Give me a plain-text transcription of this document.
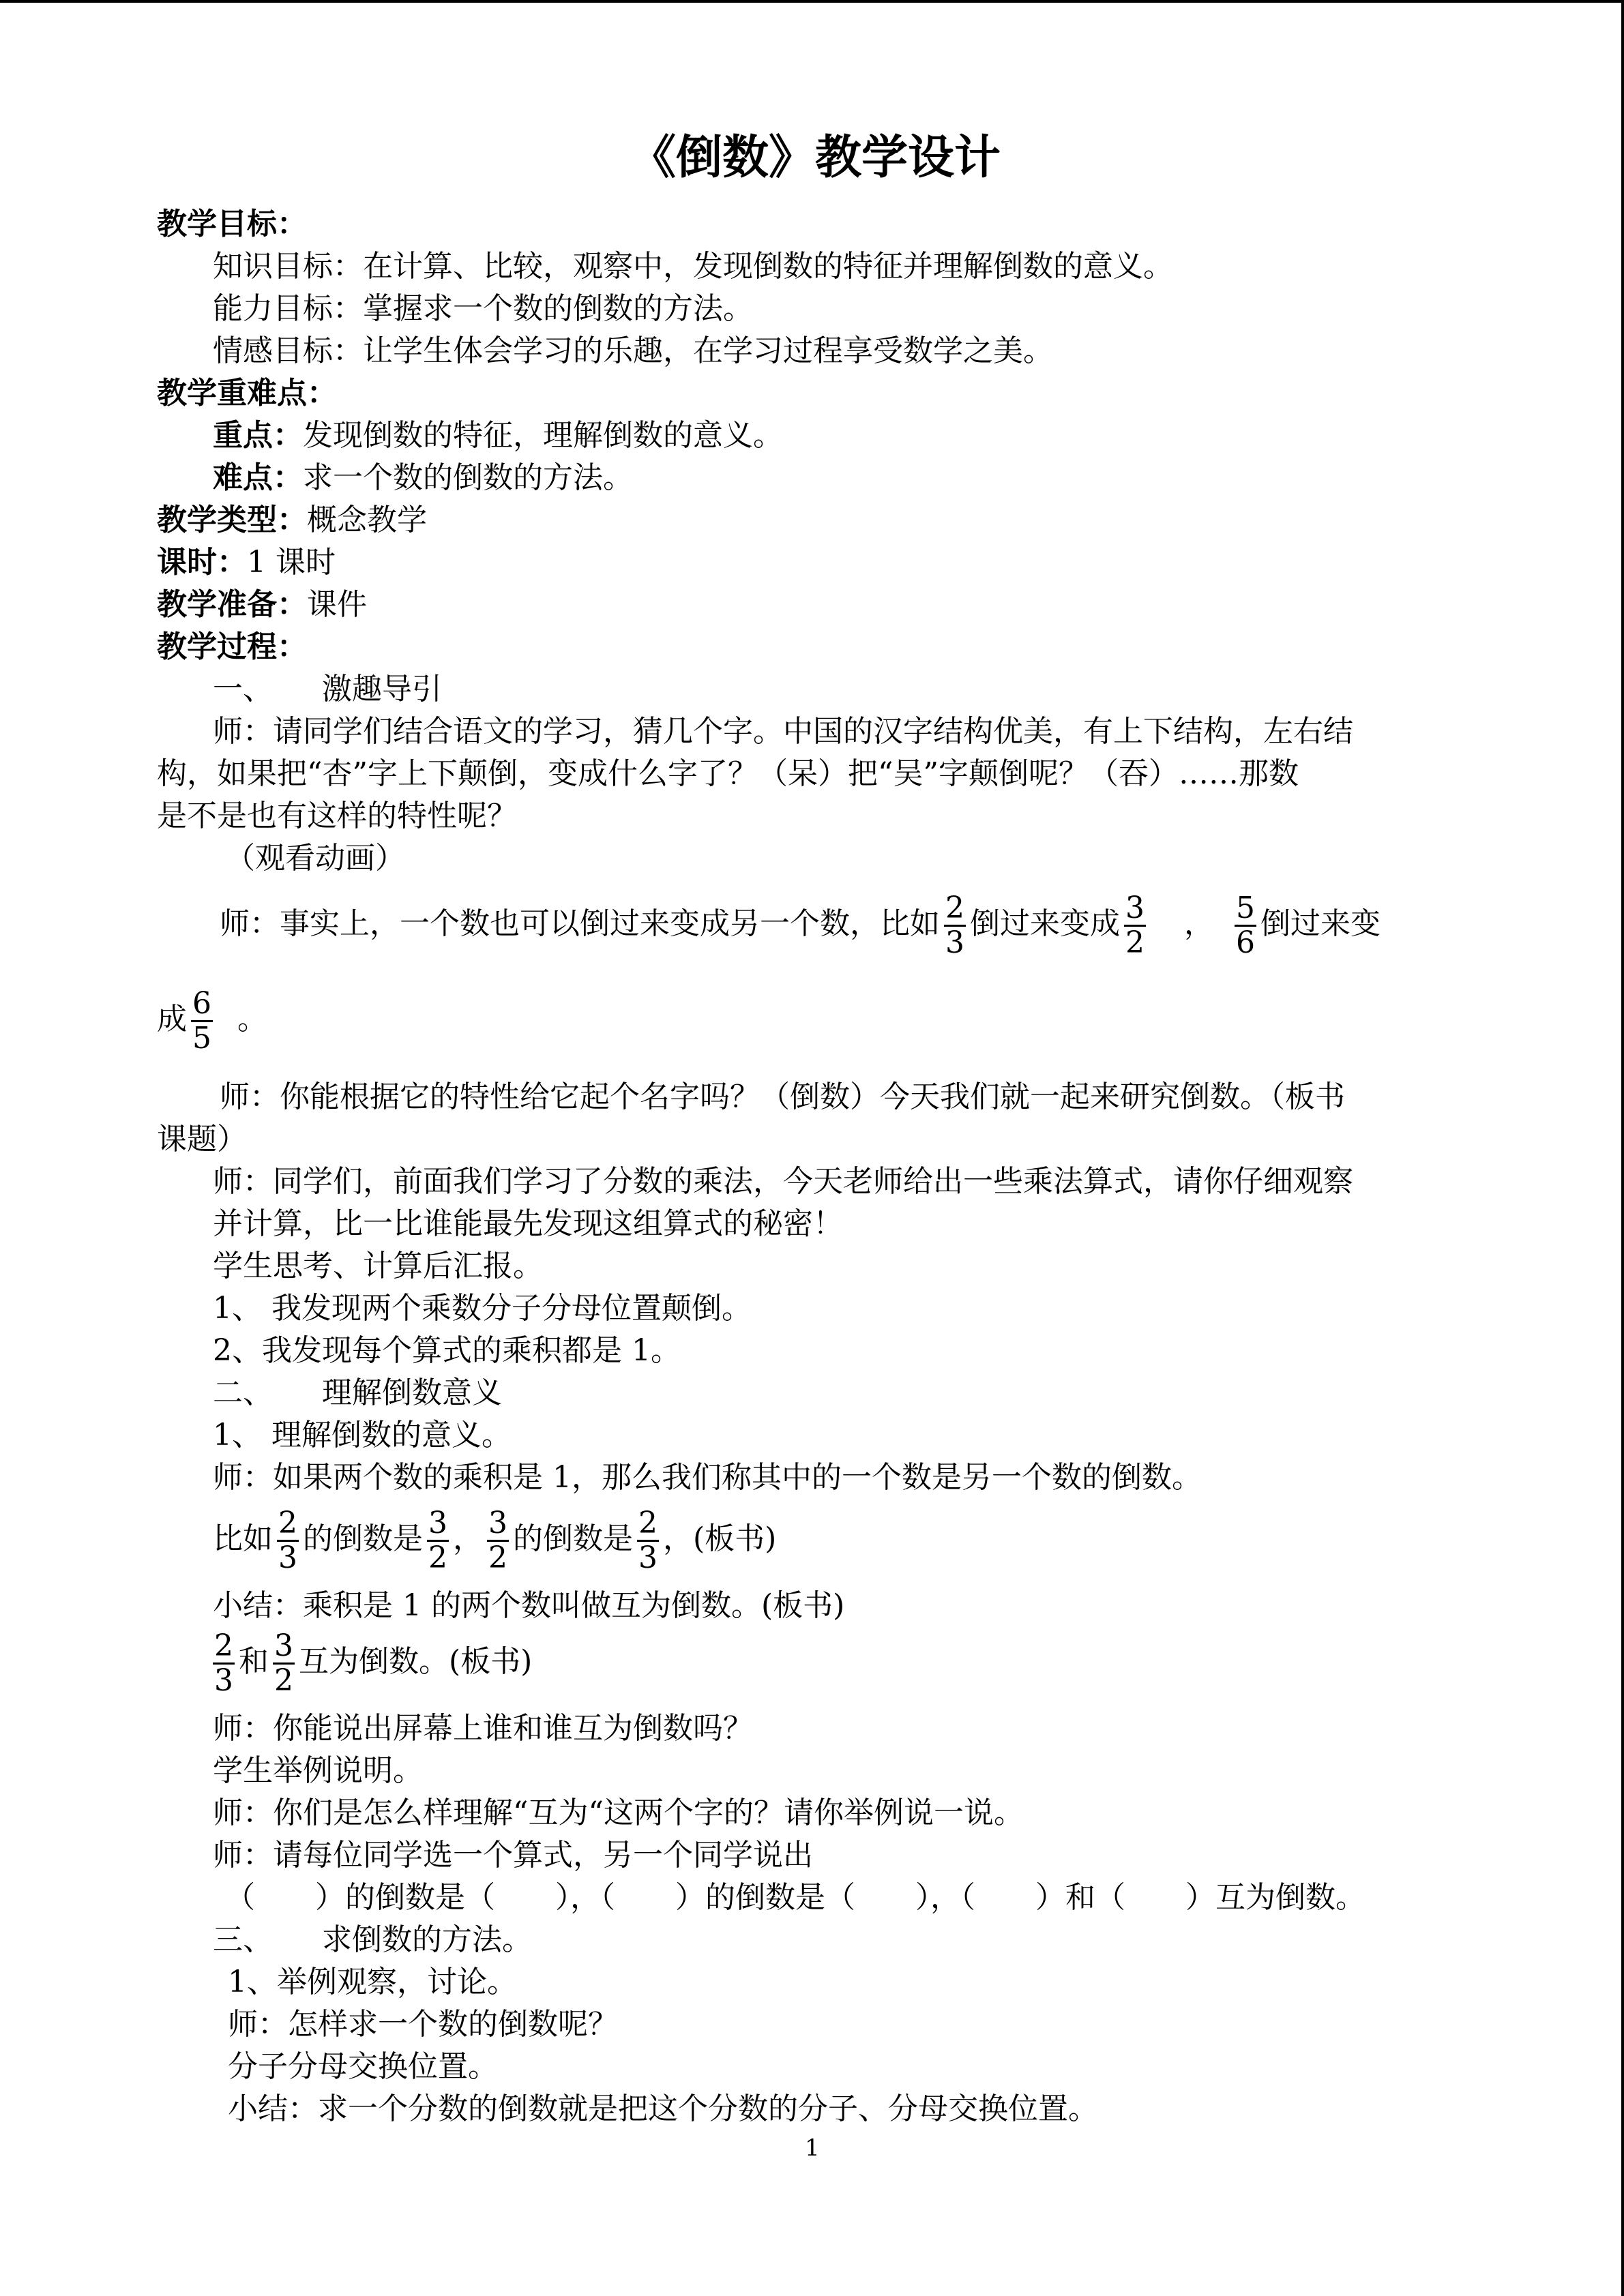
《倒数》教学设计
教学目标：
知识目标：在计算、比较，观察中，发现倒数的特征并理解倒数的意义。
能力目标：掌握求一个数的倒数的方法。
情感目标：让学生体会学习的乐趣，在学习过程享受数学之美。
教学重难点：
重点：发现倒数的特征，理解倒数的意义。
难点：求一个数的倒数的方法。
教学类型：概念教学
课时：1 课时
教学准备：课件
教学过程：
一、 激趣导引
师：请同学们结合语文的学习，猜几个字。中国的汉字结构优美，有上下结构，左右结
构，如果把“杏”字上下颠倒，变成什么字了？（呆）把“吴”字颠倒呢？（吞）……那数
是不是也有这样的特性呢？
（观看动画）
师：事实上，一个数也可以倒过来变成另一个数，比如 $\frac{2}{3}$ 倒过来变成 $\frac{3}{2}$ ， $\frac{5}{6}$ 倒过来变
成 $\frac{6}{5}$ 。
师：你能根据它的特性给它起个名字吗？（倒数）今天我们就一起来研究倒数。（板书
课题）
师：同学们，前面我们学习了分数的乘法，今天老师给出一些乘法算式，请你仔细观察
并计算，比一比谁能最先发现这组算式的秘密！
学生思考、计算后汇报。
1、 我发现两个乘数分子分母位置颠倒。
2、我发现每个算式的乘积都是 1。
二、 理解倒数意义
1、 理解倒数的意义。
师：如果两个数的乘积是 1，那么我们称其中的一个数是另一个数的倒数。
比如 $\frac{2}{3}$ 的倒数是 $\frac{3}{2}$ ， $\frac{3}{2}$ 的倒数是 $\frac{2}{3}$ ，(板书)
小结：乘积是 1 的两个数叫做互为倒数。(板书)
$\frac{2}{3}$ 和 $\frac{3}{2}$ 互为倒数。(板书)
师：你能说出屏幕上谁和谁互为倒数吗？
学生举例说明。
师：你们是怎么样理解“互为“这两个字的？请你举例说一说。
师：请每位同学选一个算式，另一个同学说出
（　　）的倒数是（　　），（　　）的倒数是（　　），（　　）和（　　）互为倒数。
三、 求倒数的方法。
1、举例观察，讨论。
师：怎样求一个数的倒数呢？
分子分母交换位置。
小结：求一个分数的倒数就是把这个分数的分子、分母交换位置。
1
